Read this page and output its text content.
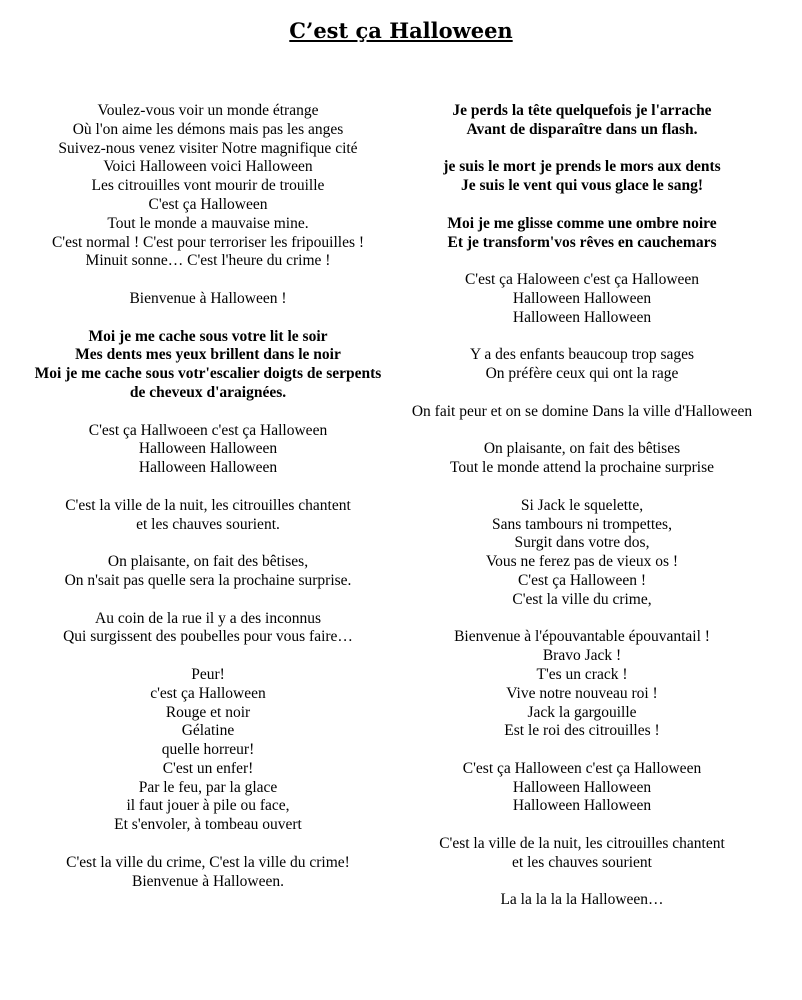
C’est ça Halloween
Voulez-vous voir un monde étrange
Où l'on aime les démons mais pas les anges
Suivez-nous venez visiter Notre magnifique cité
Voici Halloween voici Halloween
Les citrouilles vont mourir de trouille
C'est ça Halloween
Tout le monde a mauvaise mine.
C'est normal ! C'est pour terroriser les fripouilles !
Minuit sonne… C'est l'heure du crime !
Bienvenue à Halloween !
Moi je me cache sous votre lit le soir
Mes dents mes yeux brillent dans le noir
Moi je me cache sous votr'escalier doigts de serpents de cheveux d'araignées.
C'est ça Hallwoeen c'est ça Halloween
Halloween Halloween
Halloween Halloween
C'est la ville de la nuit, les citrouilles chantent
et les chauves sourient.
On plaisante, on fait des bêtises,
On n'sait pas quelle sera la prochaine surprise.
Au coin de la rue il y a des inconnus
Qui surgissent des poubelles pour vous faire…
Peur!
c'est ça Halloween
Rouge et noir
Gélatine
quelle horreur!
C'est un enfer!
Par le feu, par la glace
il faut jouer à pile ou face,
Et s'envoler, à tombeau ouvert
C'est la ville du crime, C'est la ville du crime!
Bienvenue à Halloween.
Je perds la tête quelquefois je l'arrache
Avant de disparaître dans un flash.
je suis le mort je prends le mors aux dents
Je suis le vent qui vous glace le sang!
Moi je me glisse comme une ombre noire
Et je transform'vos rêves en cauchemars
C'est ça Haloween c'est ça Halloween
Halloween Halloween
Halloween Halloween
Y a des enfants beaucoup trop sages
On préfère ceux qui ont la rage
On fait peur et on se domine Dans la ville d'Halloween
On plaisante, on fait des bêtises
Tout le monde attend la prochaine surprise
Si Jack le squelette,
Sans tambours ni trompettes,
Surgit dans votre dos,
Vous ne ferez pas de vieux os !
C'est ça Halloween !
C'est la ville du crime,
Bienvenue à l'épouvantable épouvantail !
Bravo Jack !
T'es un crack !
Vive notre nouveau roi !
Jack la gargouille
Est le roi des citrouilles !
C'est ça Halloween c'est ça Halloween
Halloween Halloween
Halloween Halloween
C'est la ville de la nuit, les citrouilles chantent
et les chauves sourient
La la la la la Halloween…
